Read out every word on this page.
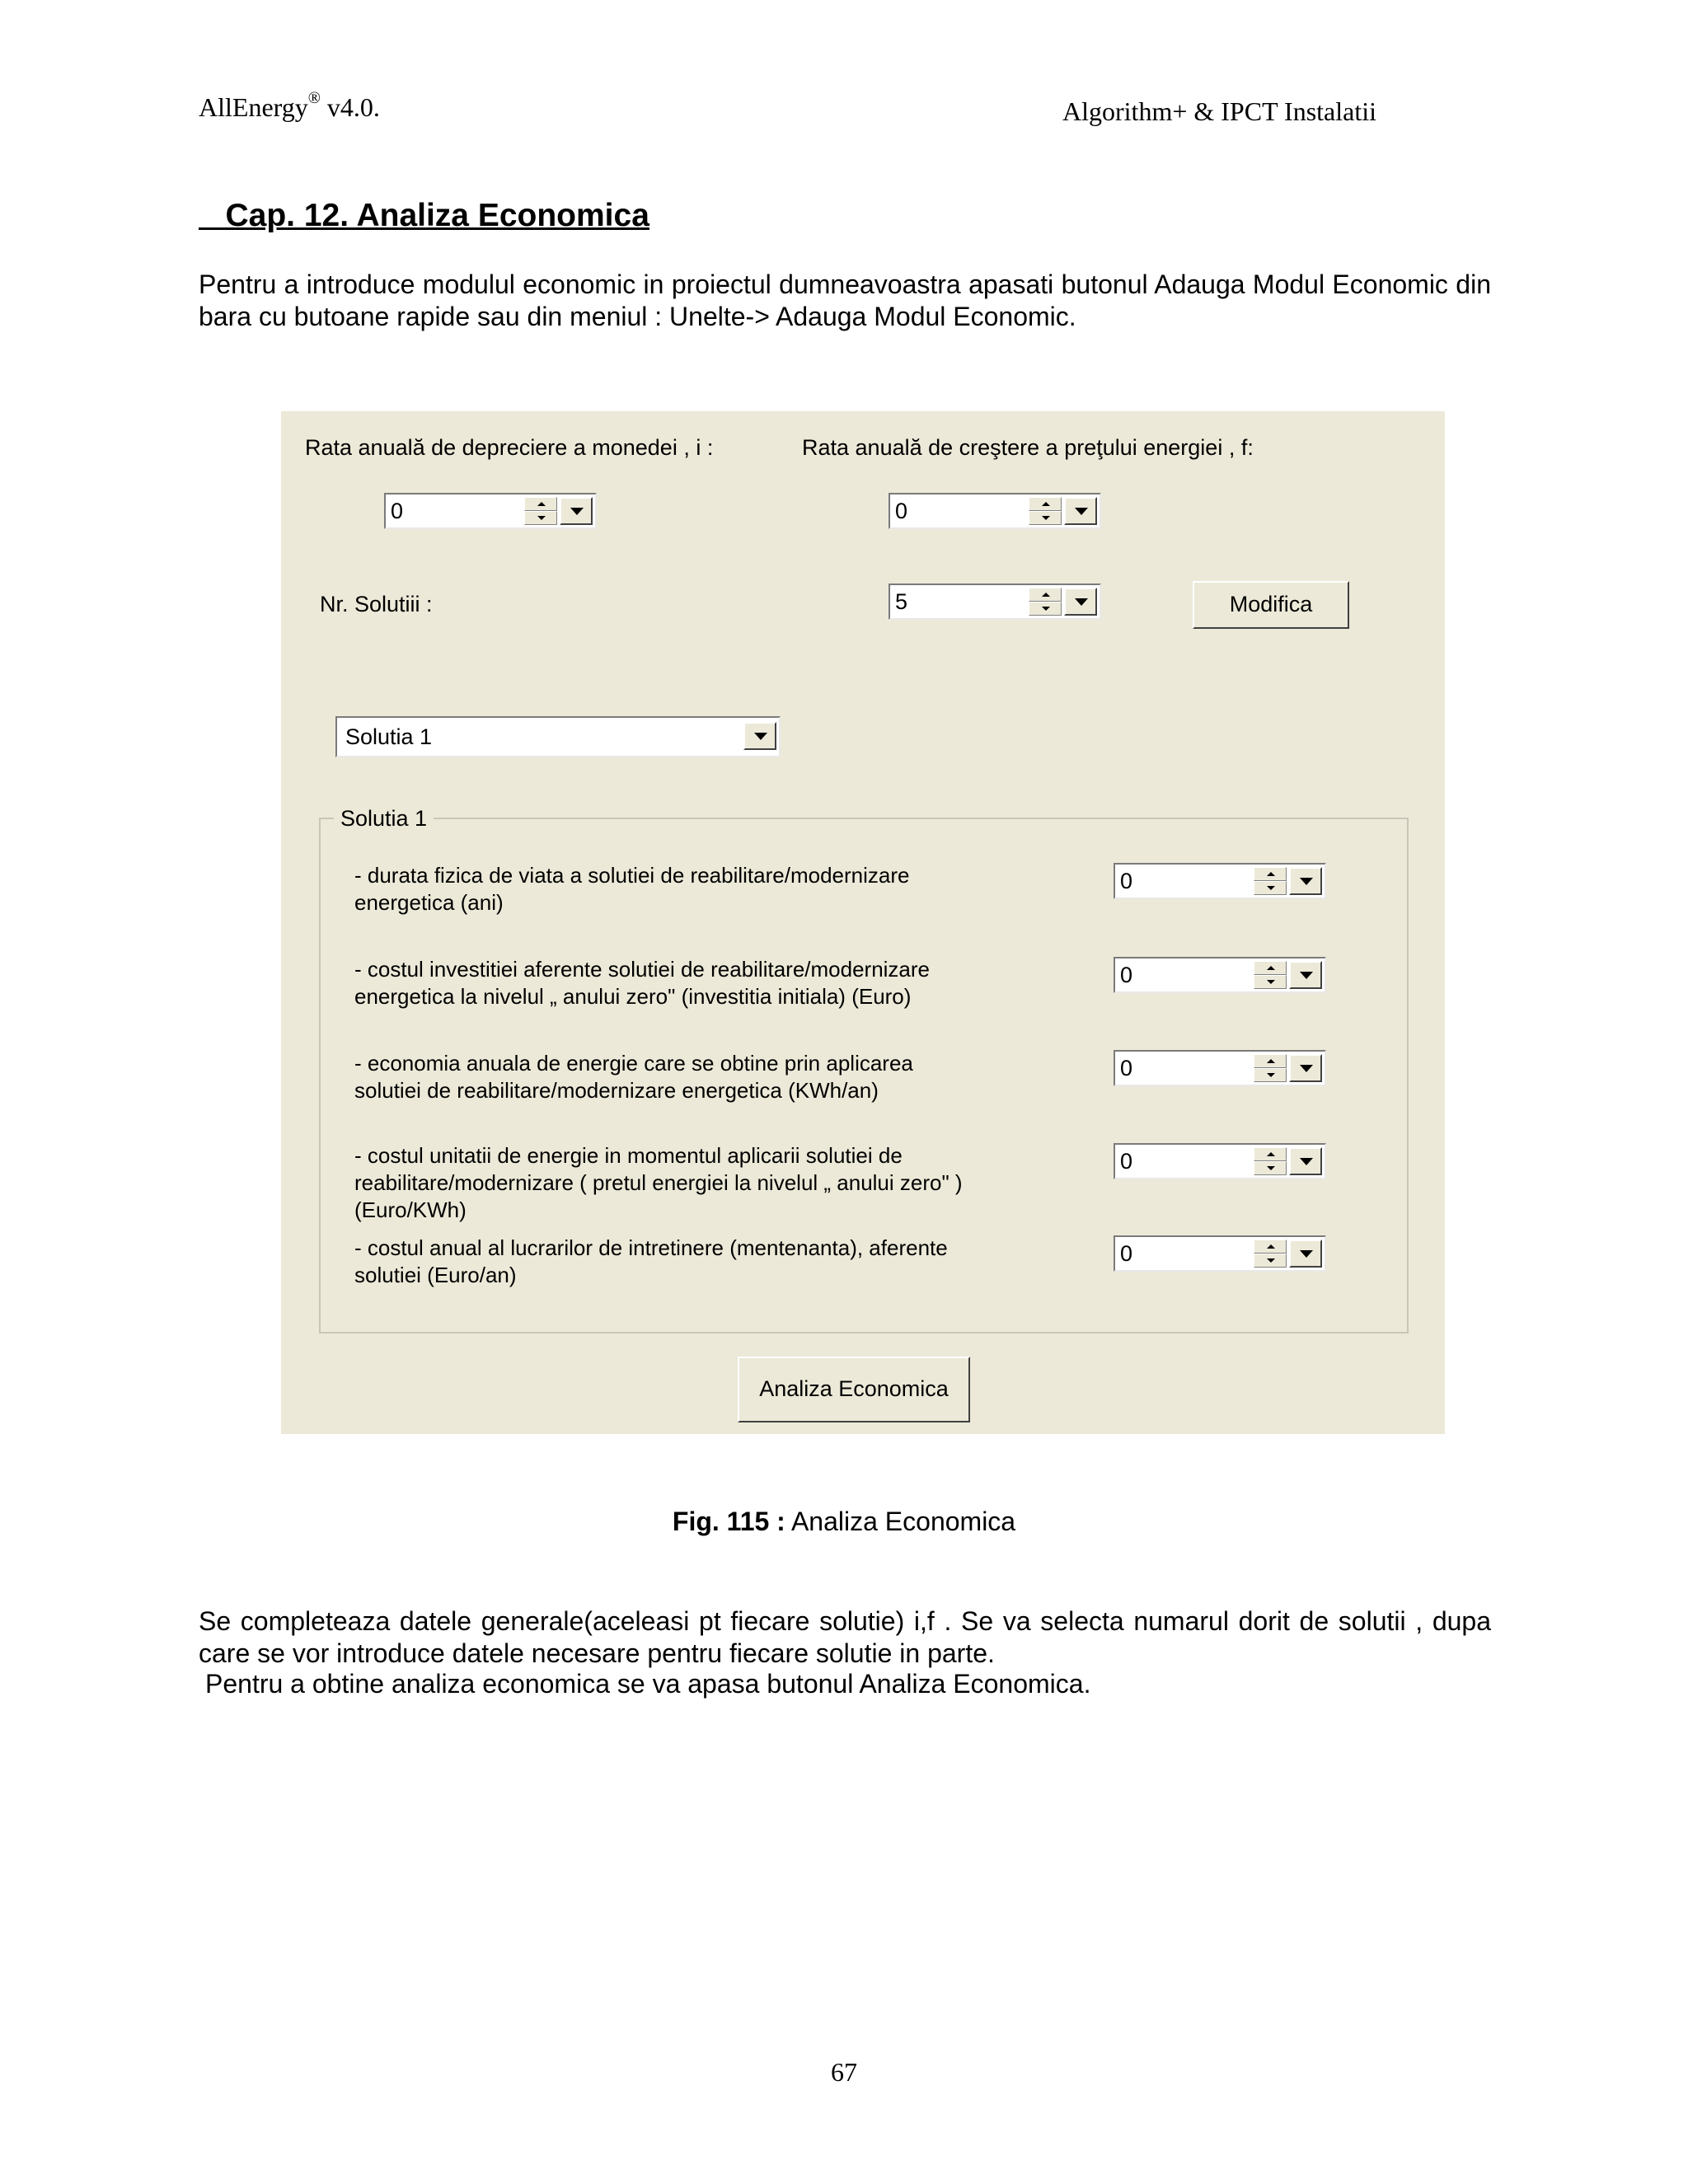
AllEnergy® v4.0.	Algorithm+ & IPCT Instalatii
Cap. 12. Analiza Economica
Pentru a introduce modulul economic in proiectul dumneavoastra apasati butonul Adauga Modul Economic din bara cu butoane rapide sau din meniul : Unelte-> Adauga Modul Economic.
Rata anuală de depreciere a monedei , i :	Rata anuală de creştere a preţului energiei , f:
0	0
Nr. Solutiii :	5	Modifica
Solutia 1
Solutia 1
- durata fizica de viata a solutiei de reabilitare/modernizare
energetica (ani)
0
- costul investitiei aferente solutiei de reabilitare/modernizare
energetica la nivelul „ anului zero" (investitia initiala) (Euro)
0
- economia anuala de energie care se obtine prin aplicarea
solutiei de reabilitare/modernizare energetica (KWh/an)
0
- costul unitatii de energie in momentul aplicarii solutiei de
reabilitare/modernizare ( pretul energiei la nivelul „ anului zero" )
(Euro/KWh)
0
- costul anual al lucrarilor de intretinere (mentenanta), aferente
solutiei (Euro/an)
0
Analiza Economica
Fig. 115 : Analiza Economica
Se completeaza datele generale(aceleasi pt fiecare solutie) i,f . Se va selecta numarul dorit de solutii , dupa care se vor introduce datele necesare pentru fiecare solutie in parte.
Pentru a obtine analiza economica se va apasa butonul Analiza Economica.
67
